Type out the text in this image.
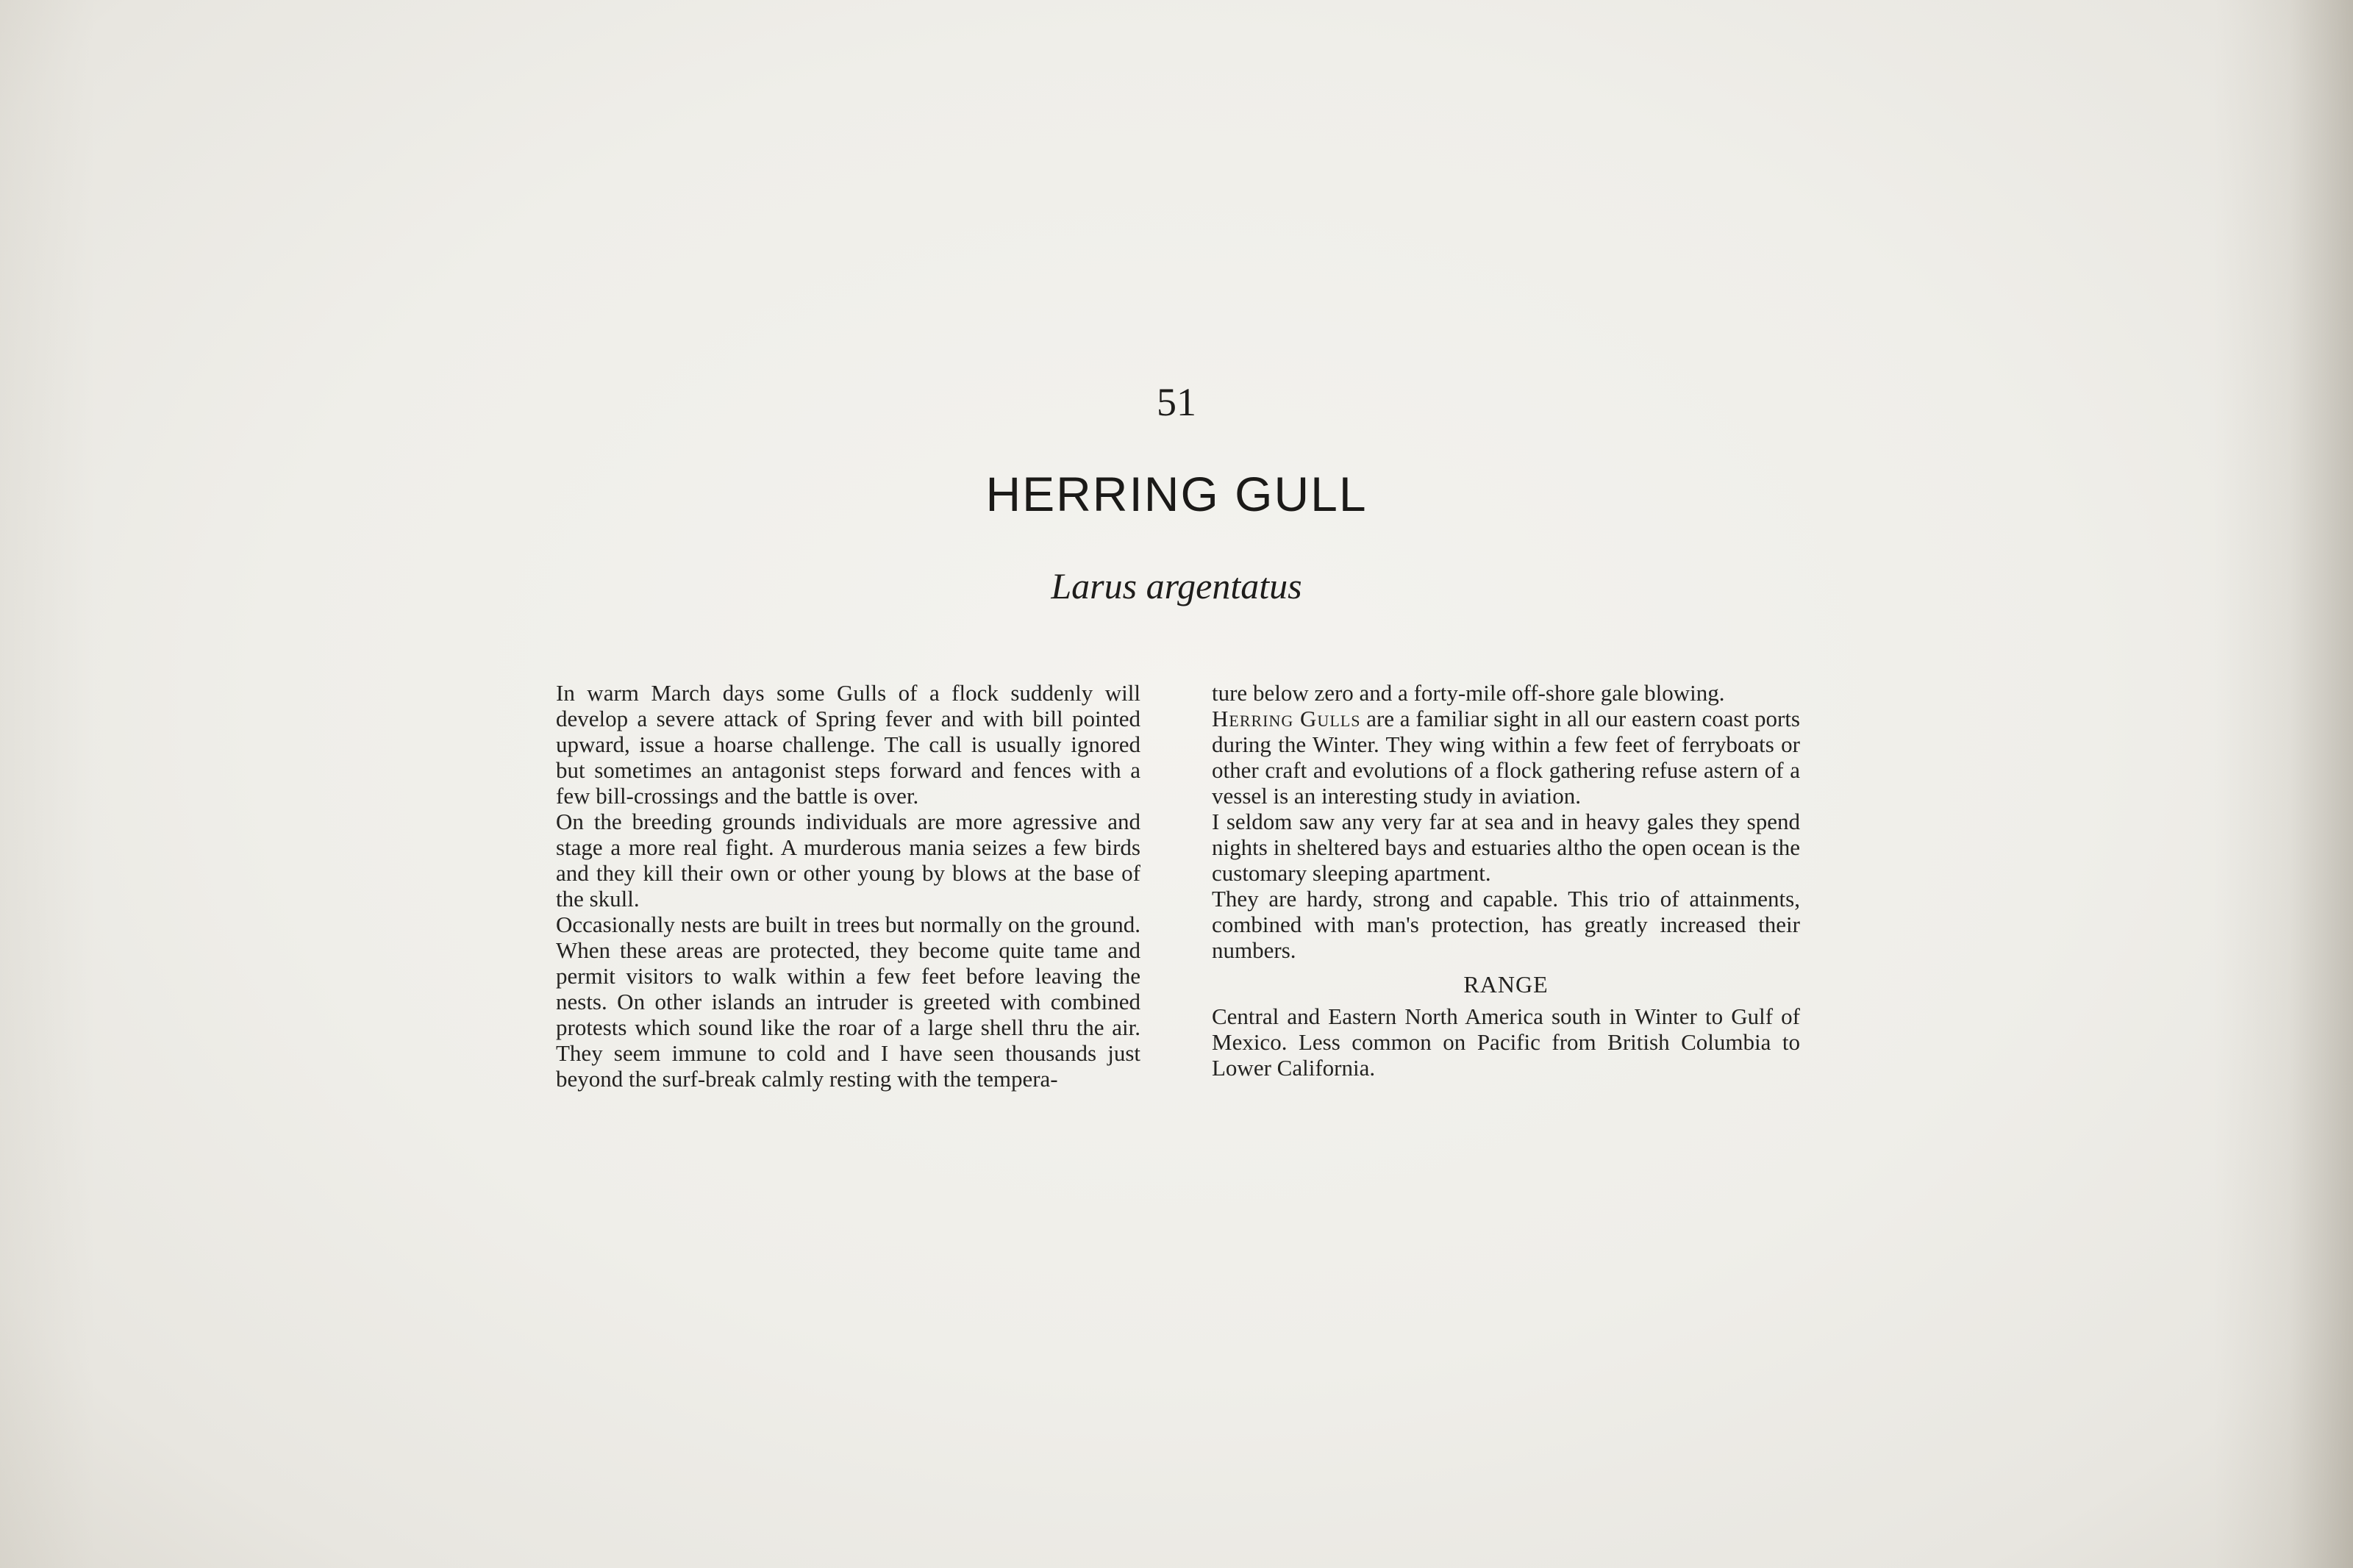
51
HERRING GULL
Larus argentatus

In warm March days some Gulls of a flock suddenly will develop a severe attack of Spring fever and with bill pointed upward, issue a hoarse challenge. The call is usually ignored but sometimes an antagonist steps forward and fences with a few bill-crossings and the battle is over.

On the breeding grounds individuals are more agressive and stage a more real fight. A murderous mania seizes a few birds and they kill their own or other young by blows at the base of the skull.

Occasionally nests are built in trees but normally on the ground. When these areas are protected, they become quite tame and permit visitors to walk within a few feet before leaving the nests. On other islands an intruder is greeted with combined protests which sound like the roar of a large shell thru the air. They seem immune to cold and I have seen thousands just beyond the surf-break calmly resting with the tempera-

ture below zero and a forty-mile off-shore gale blowing.

Herring Gulls are a familiar sight in all our eastern coast ports during the Winter. They wing within a few feet of ferryboats or other craft and evolutions of a flock gathering refuse astern of a vessel is an interesting study in aviation.

I seldom saw any very far at sea and in heavy gales they spend nights in sheltered bays and estuaries altho the open ocean is the customary sleeping apartment.

They are hardy, strong and capable. This trio of attainments, combined with man's protection, has greatly increased their numbers.

RANGE

Central and Eastern North America south in Winter to Gulf of Mexico. Less common on Pacific from British Columbia to Lower California.
